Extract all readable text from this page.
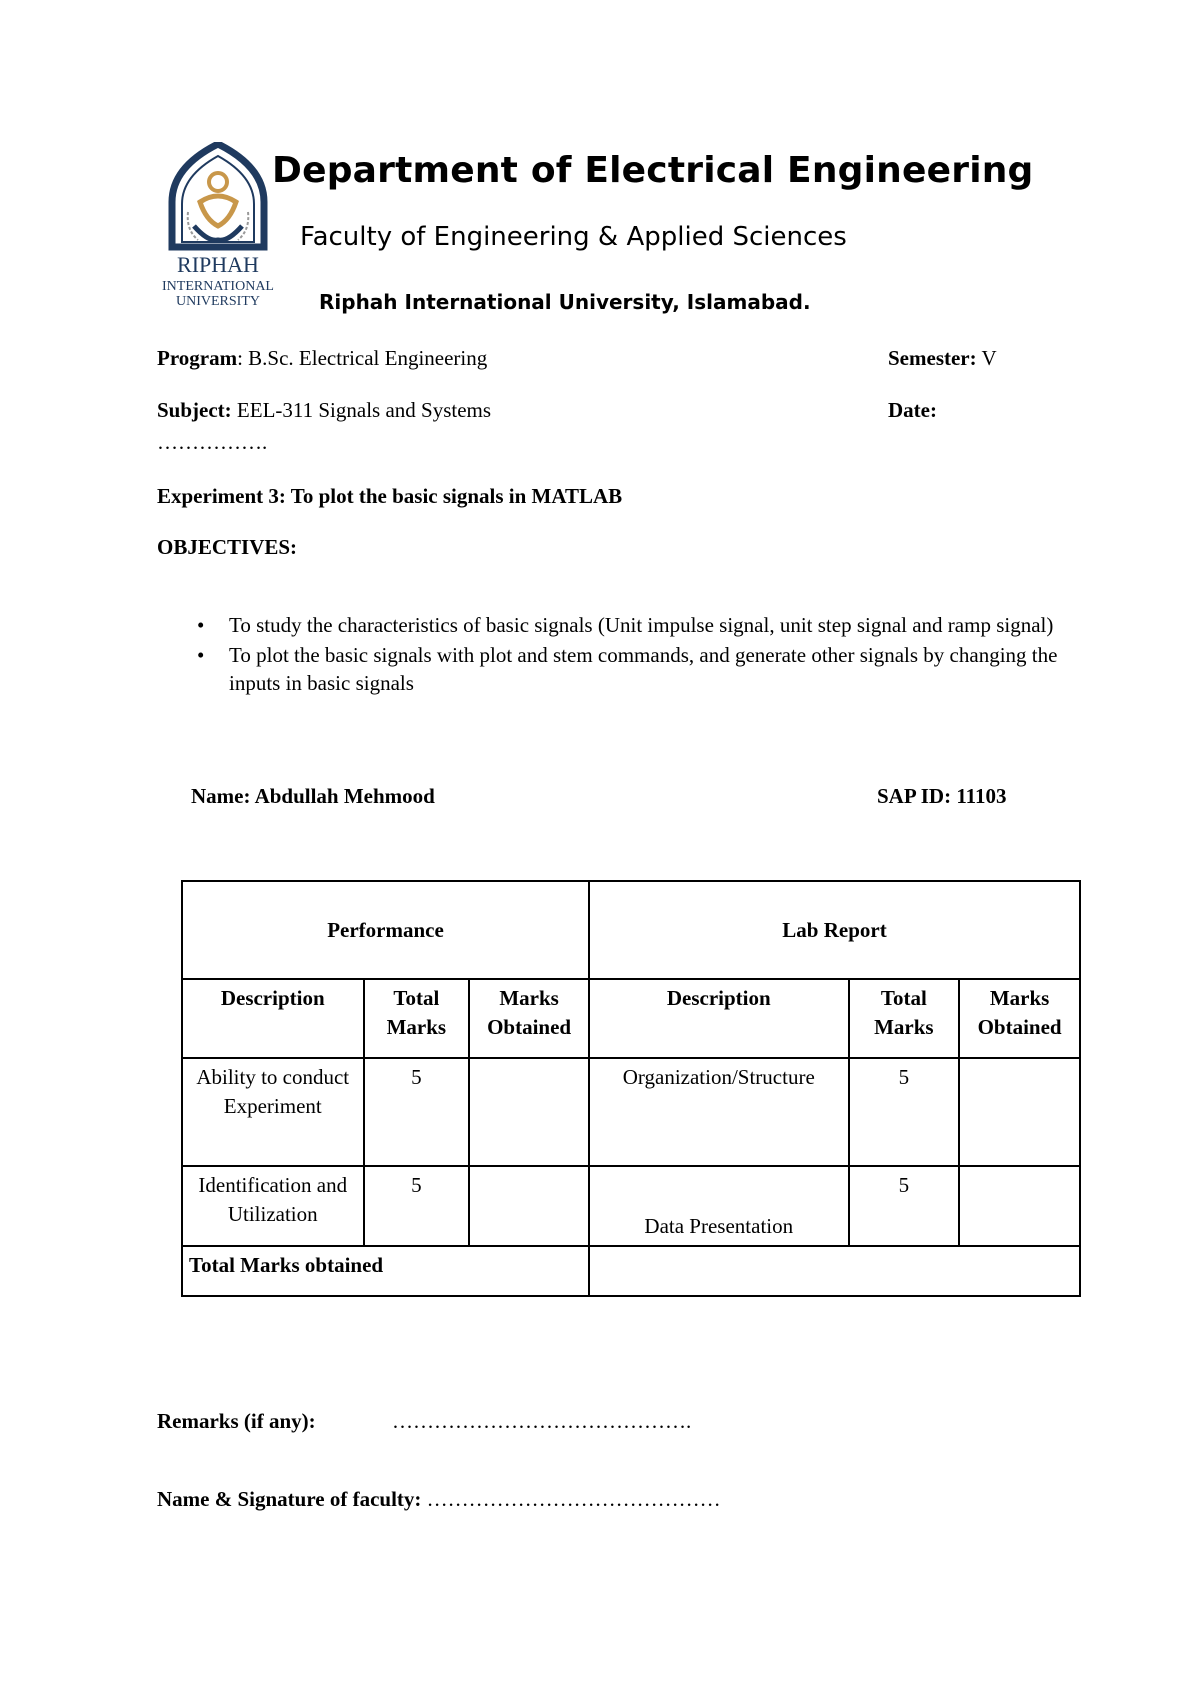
RIPHAH
INTERNATIONAL
UNIVERSITY
Department of Electrical Engineering
Faculty of Engineering & Applied Sciences
Riphah International University, Islamabad.
Program: B.Sc. Electrical Engineering	Semester: V
Subject: EEL-311 Signals and Systems	Date:
…………….
Experiment 3: To plot the basic signals in MATLAB
OBJECTIVES:
• To study the characteristics of basic signals (Unit impulse signal, unit step signal and ramp signal)
• To plot the basic signals with plot and stem commands, and generate other signals by changing the inputs in basic signals
Name: Abdullah Mehmood	SAP ID: 11103
Performance			Lab Report		
Description	Total Marks	Marks Obtained	Description	Total Marks	Marks Obtained
Ability to conduct Experiment	5		Organization/Structure	5	
Identification and Utilization	5		Data Presentation	5	
Total Marks obtained					
Remarks (if any):	…………………………………….
Name & Signature of faculty: ……………………………………
